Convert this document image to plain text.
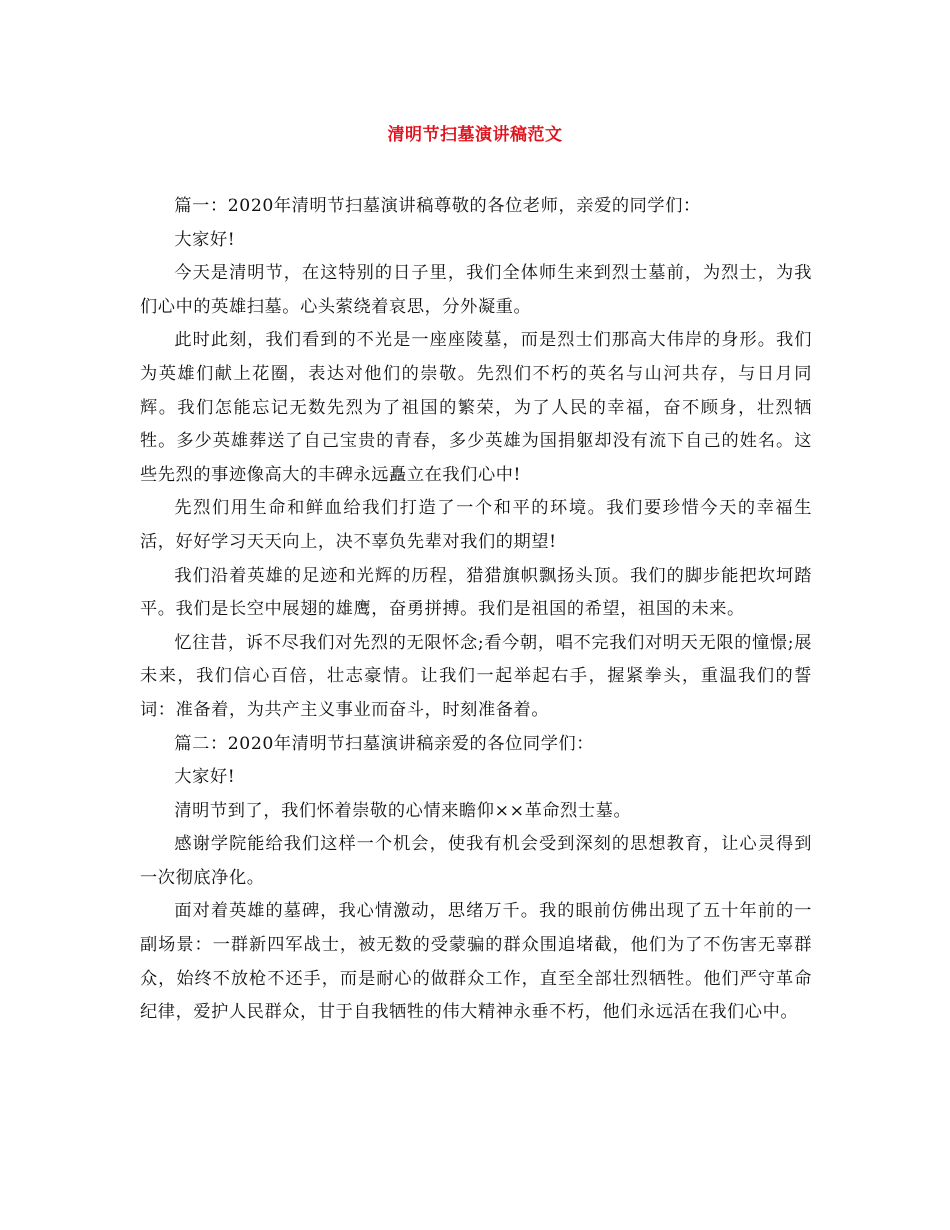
清明节扫墓演讲稿范文

篇一：2020年清明节扫墓演讲稿尊敬的各位老师，亲爱的同学们：

大家好!

今天是清明节，在这特别的日子里，我们全体师生来到烈士墓前，为烈士，为我们心中的英雄扫墓。心头萦绕着哀思，分外凝重。

此时此刻，我们看到的不光是一座座陵墓，而是烈士们那高大伟岸的身形。我们为英雄们献上花圈，表达对他们的崇敬。先烈们不朽的英名与山河共存，与日月同辉。我们怎能忘记无数先烈为了祖国的繁荣，为了人民的幸福，奋不顾身，壮烈牺牲。多少英雄葬送了自己宝贵的青春，多少英雄为国捐躯却没有流下自己的姓名。这些先烈的事迹像高大的丰碑永远矗立在我们心中!

先烈们用生命和鲜血给我们打造了一个和平的环境。我们要珍惜今天的幸福生活，好好学习天天向上，决不辜负先辈对我们的期望!

我们沿着英雄的足迹和光辉的历程，猎猎旗帜飘扬头顶。我们的脚步能把坎坷踏平。我们是长空中展翅的雄鹰，奋勇拼搏。我们是祖国的希望，祖国的未来。

忆往昔，诉不尽我们对先烈的无限怀念;看今朝，唱不完我们对明天无限的憧憬;展未来，我们信心百倍，壮志豪情。让我们一起举起右手，握紧拳头，重温我们的誓词：准备着，为共产主义事业而奋斗，时刻准备着。

篇二：2020年清明节扫墓演讲稿亲爱的各位同学们：

大家好!

清明节到了，我们怀着崇敬的心情来瞻仰××革命烈士墓。

感谢学院能给我们这样一个机会，使我有机会受到深刻的思想教育，让心灵得到一次彻底净化。

面对着英雄的墓碑，我心情激动，思绪万千。我的眼前仿佛出现了五十年前的一副场景：一群新四军战士，被无数的受蒙骗的群众围追堵截，他们为了不伤害无辜群众，始终不放枪不还手，而是耐心的做群众工作，直至全部壮烈牺牲。他们严守革命纪律，爱护人民群众，甘于自我牺牲的伟大精神永垂不朽，他们永远活在我们心中。
